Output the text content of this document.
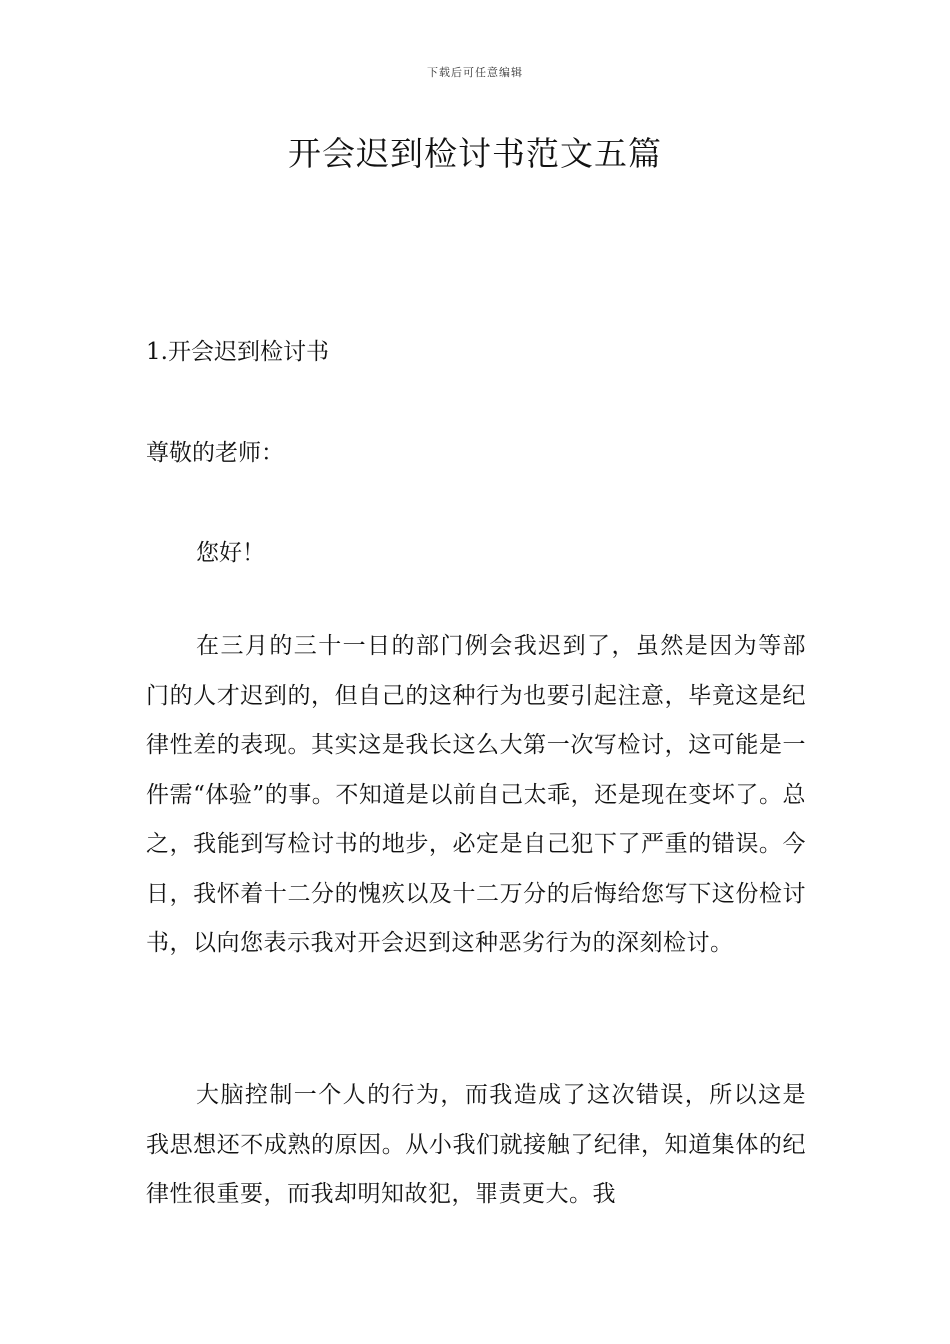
下载后可任意编辑
开会迟到检讨书范文五篇
1.开会迟到检讨书
尊敬的老师：
您好！

在三月的三十一日的部门例会我迟到了，虽然是因为等部门的人才迟到的，但自己的这种行为也要引起注意，毕竟这是纪律性差的表现。其实这是我长这么大第一次写检讨，这可能是一件需“体验”的事。不知道是以前自己太乖，还是现在变坏了。总之，我能到写检讨书的地步，必定是自己犯下了严重的错误。今日，我怀着十二分的愧疚以及十二万分的后悔给您写下这份检讨书，以向您表示我对开会迟到这种恶劣行为的深刻检讨。

大脑控制一个人的行为，而我造成了这次错误，所以这是我思想还不成熟的原因。从小我们就接触了纪律，知道集体的纪律性很重要，而我却明知故犯，罪责更大。我
